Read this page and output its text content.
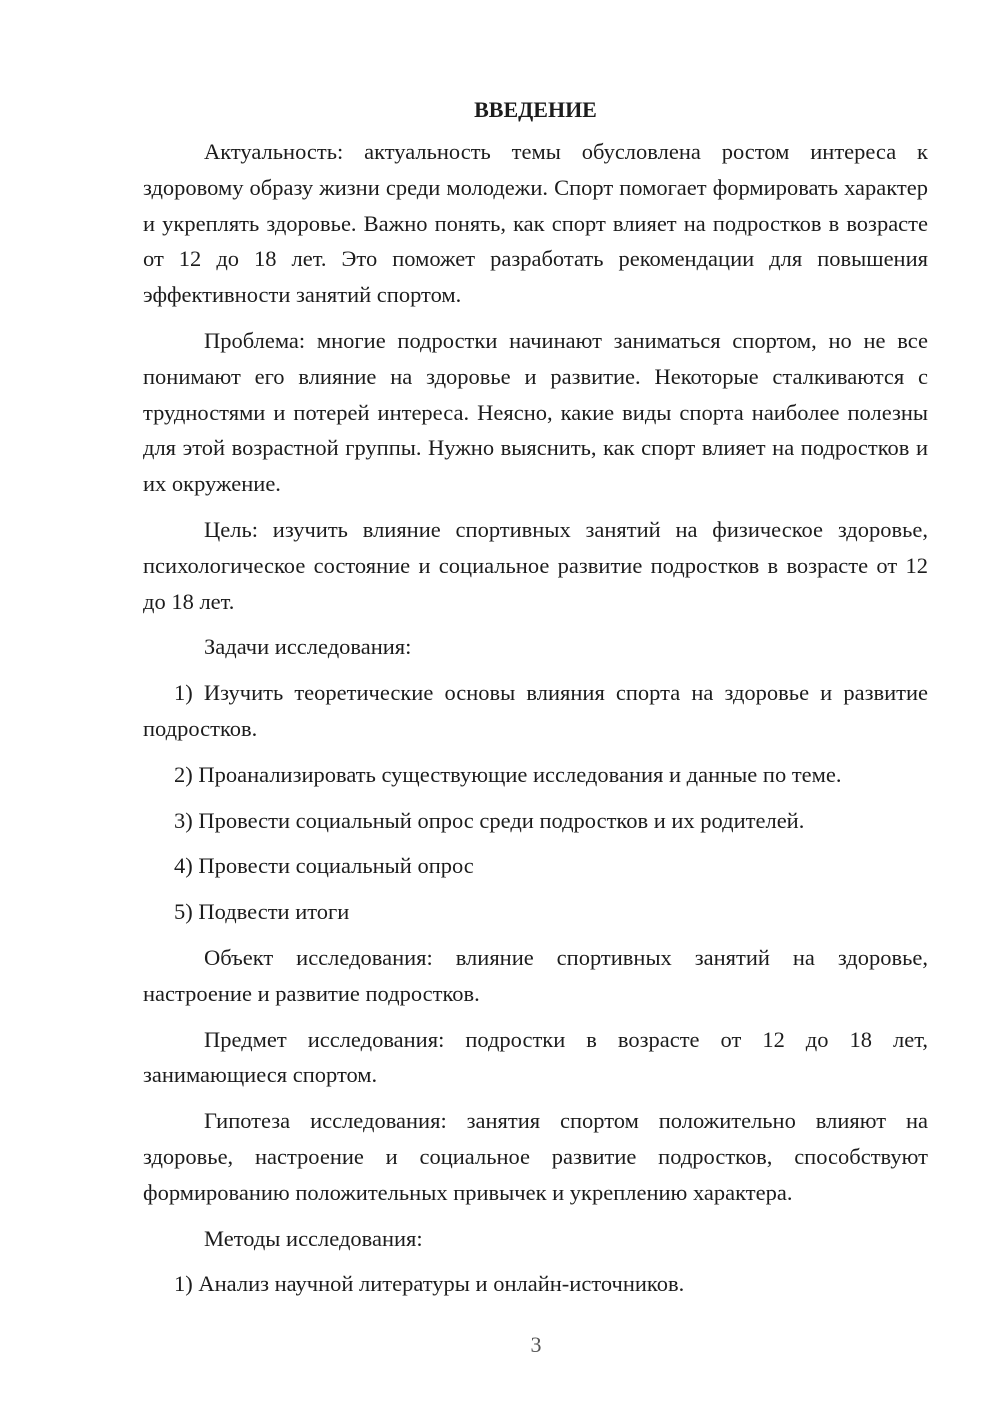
ВВЕДЕНИЕ

Актуальность: актуальность темы обусловлена ростом интереса к здоровому образу жизни среди молодежи. Спорт помогает формировать характер и укреплять здоровье. Важно понять, как спорт влияет на подростков в возрасте от 12 до 18 лет. Это поможет разработать рекомендации для повышения эффективности занятий спортом.

Проблема: многие подростки начинают заниматься спортом, но не все понимают его влияние на здоровье и развитие. Некоторые сталкиваются с трудностями и потерей интереса. Неясно, какие виды спорта наиболее полезны для этой возрастной группы. Нужно выяснить, как спорт влияет на подростков и их окружение.

Цель: изучить влияние спортивных занятий на физическое здоровье, психологическое состояние и социальное развитие подростков в возрасте от 12 до 18 лет.

Задачи исследования:

1) Изучить теоретические основы влияния спорта на здоровье и развитие подростков.

2) Проанализировать существующие исследования и данные по теме.

3) Провести социальный опрос среди подростков и их родителей.

4) Провести социальный опрос

5) Подвести итоги

Объект исследования: влияние спортивных занятий на здоровье, настроение и развитие подростков.

Предмет исследования: подростки в возрасте от 12 до 18 лет, занимающиеся спортом.

Гипотеза исследования: занятия спортом положительно влияют на здоровье, настроение и социальное развитие подростков, способствуют формированию положительных привычек и укреплению характера.

Методы исследования:

1) Анализ научной литературы и онлайн-источников.

3
